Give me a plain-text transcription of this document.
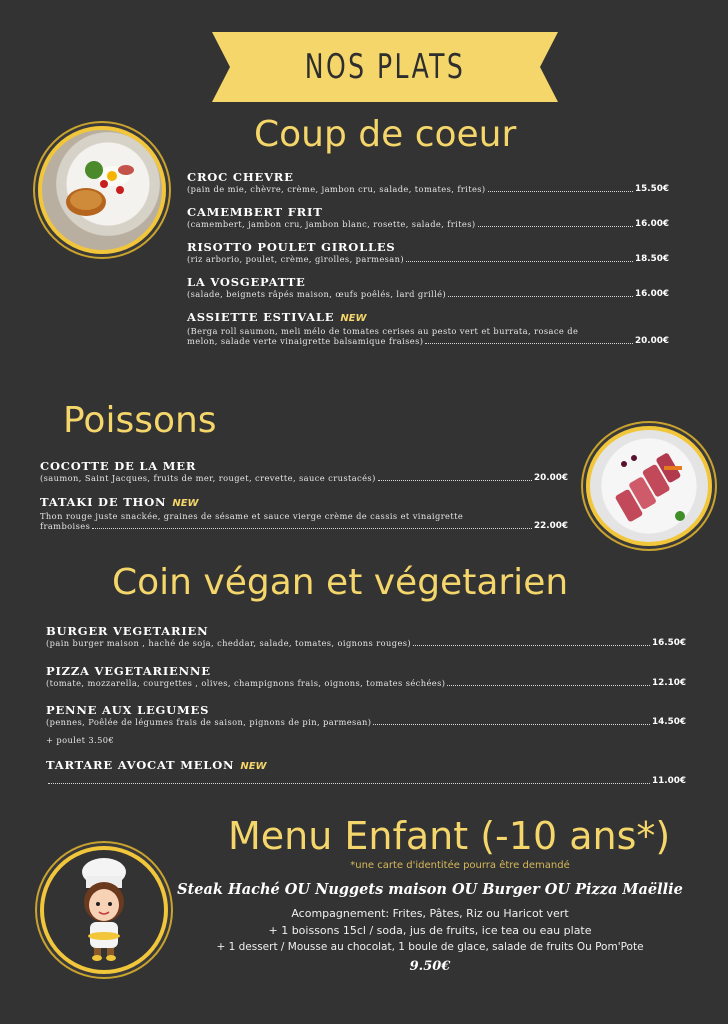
NOS PLATS
Coup de coeur
CROC CHEVRE
(pain de mie, chèvre, crème, jambon cru, salade, tomates, frites)	15.50€
CAMEMBERT FRIT
(camembert, jambon cru, jambon blanc, rosette, salade, frites)	16.00€
RISOTTO POULET GIROLLES
(riz arborio, poulet, crème, girolles, parmesan)	18.50€
LA VOSGEPATTE
(salade, beignets râpés maison, œufs poêlés, lard grillé)	16.00€
ASSIETTE ESTIVALE NEW
(Berga roll saumon, meli mélo de tomates cerises au pesto vert et burrata, rosace de
melon, salade verte vinaigrette balsamique fraises)	20.00€
Poissons
COCOTTE DE LA MER
(saumon, Saint Jacques, fruits de mer, rouget, crevette, sauce crustacés)	20.00€
TATAKI DE THON NEW
Thon rouge juste snackée, graines de sésame et sauce vierge crème de cassis et vinaigrette
framboises	22.00€
Coin végan et végetarien
BURGER VEGETARIEN
(pain burger maison , haché de soja, cheddar, salade, tomates, oignons rouges)	16.50€
PIZZA VEGETARIENNE
(tomate, mozzarella, courgettes , olives, champignons frais, oignons, tomates séchées)	12.10€
PENNE AUX LEGUMES
(pennes, Poêlée de légumes frais de saison, pignons de pin, parmesan)	14.50€
+ poulet 3.50€
TARTARE AVOCAT MELON NEW
11.00€
Menu Enfant (-10 ans*)
*une carte d'identitée pourra être demandé
Steak Haché OU Nuggets maison OU Burger OU Pizza Maëllie
Acompagnement: Frites, Pâtes, Riz ou Haricot vert
+ 1 boissons 15cl / soda, jus de fruits, ice tea ou eau plate
+ 1 dessert / Mousse au chocolat, 1 boule de glace, salade de fruits Ou Pom'Pote
9.50€
